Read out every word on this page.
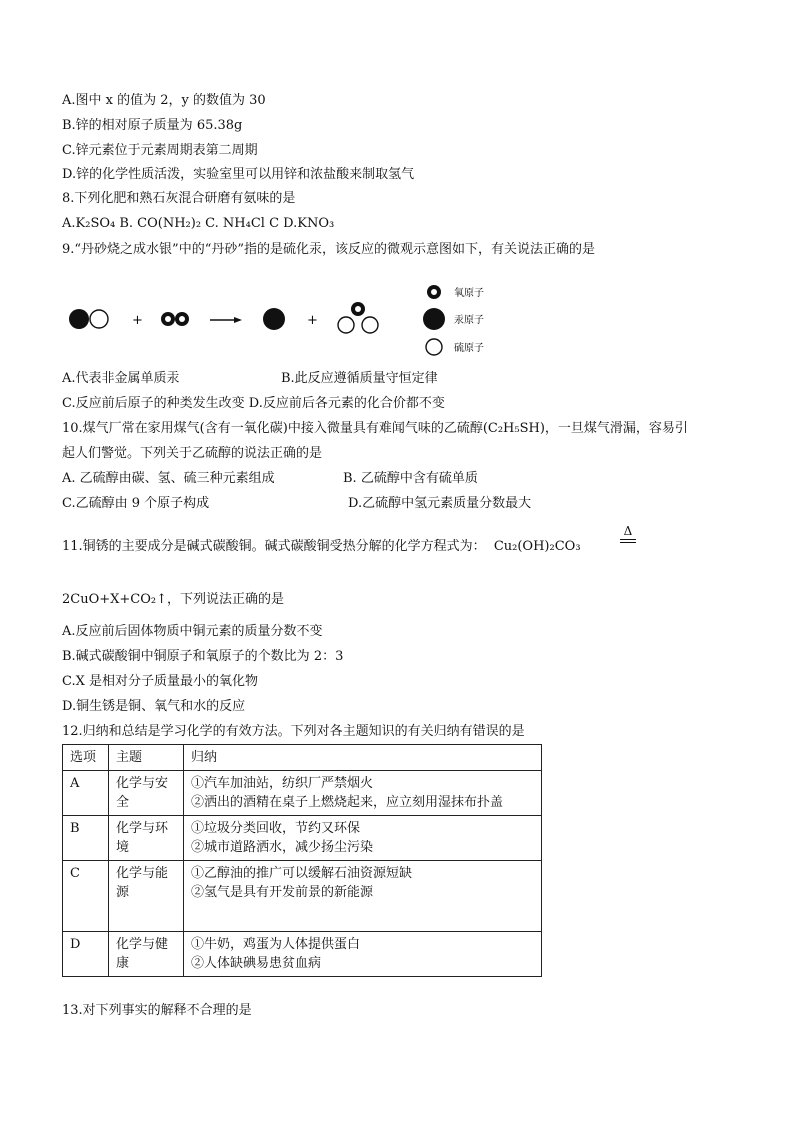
A.图中 x 的值为 2，y 的数值为 30
B.锌的相对原子质量为 65.38g
C.锌元素位于元素周期表第二周期
D.锌的化学性质活泼，实验室里可以用锌和浓盐酸来制取氢气
8.下列化肥和熟石灰混合研磨有氨味的是
A.K₂SO₄ B. CO(NH₂)₂ C. NH₄Cl C D.KNO₃
9.“丹砂烧之成水银”中的“丹砂”指的是硫化汞，该反应的微观示意图如下，有关说法正确的是
+	+
氧原子
汞原子
硫原子
A.代表非金属单质汞	B.此反应遵循质量守恒定律
C.反应前后原子的种类发生改变 D.反应前后各元素的化合价都不变
10.煤气厂常在家用煤气(含有一氧化碳)中接入微量具有难闻气味的乙硫醇(C₂H₅SH)，一旦煤气滑漏，容易引
起人们警觉。下列关于乙硫醇的说法正确的是
A. 乙硫醇由碳、氢、硫三种元素组成	B. 乙硫醇中含有硫单质
C.乙硫醇由 9 个原子构成	D.乙硫醇中氢元素质量分数最大
11.铜锈的主要成分是碱式碳酸铜。碱式碳酸铜受热分解的化学方程式为： Cu₂(OH)₂CO₃
Δ
2CuO+X+CO₂↑，下列说法正确的是
A.反应前后固体物质中铜元素的质量分数不变
B.碱式碳酸铜中铜原子和氧原子的个数比为 2：3
C.X 是相对分子质量最小的氧化物
D.铜生锈是铜、氧气和水的反应
12.归纳和总结是学习化学的有效方法。下列对各主题知识的有关归纳有错误的是
选项	主题	归纳
A	化学与安全	①汽车加油站，纺织厂严禁烟火
②洒出的酒精在桌子上燃烧起来，应立刻用湿抹布扑盖

B	化学与环境	①垃圾分类回收，节约又环保
②城市道路洒水，减少扬尘污染

C	化学与能源	①乙醇油的推广可以缓解石油资源短缺
②氢气是具有开发前景的新能源

D	化学与健康	①牛奶，鸡蛋为人体提供蛋白
②人体缺碘易患贫血病
13.对下列事实的解释不合理的是
